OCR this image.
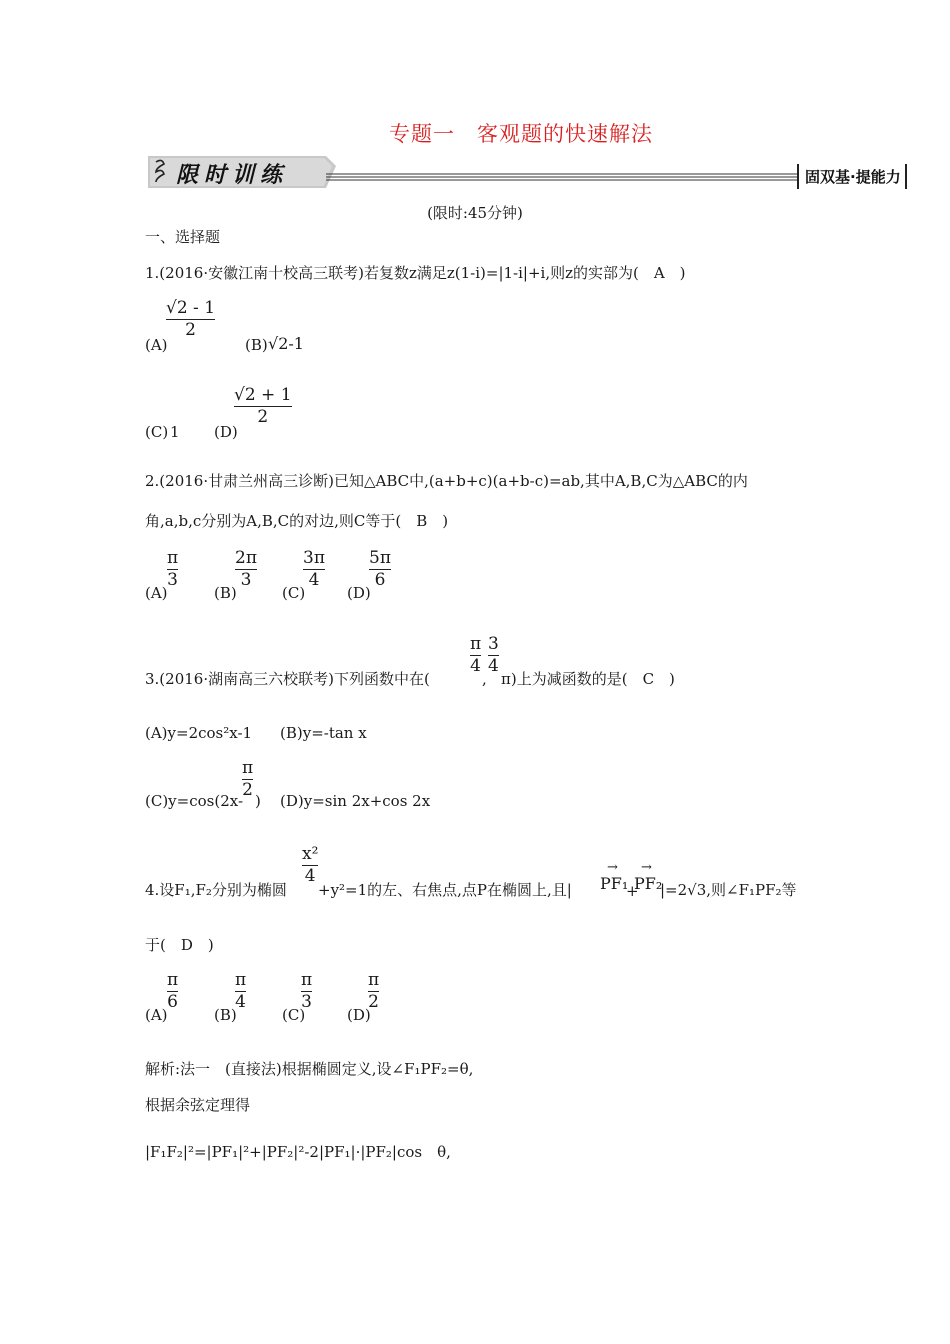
专题一　客观题的快速解法
限时训练	固双基·提能力
(限时:45分钟)
一、选择题
1.(2016·安徽江南十校高三联考)若复数z满足z(1-i)=|1-i|+i,则z的实部为(　A　)
(A)
√2 - 1
2
(B) √2-1
(C) 1 (D)
√2 + 1
2
2.(2016·甘肃兰州高三诊断)已知△ABC中,(a+b+c)(a+b-c)=ab,其中A,B,C为△ABC的内
角,a,b,c分别为A,B,C的对边,则C等于(　B　)
(A)
π
3
(B)
2π
3
(C)
3π
4
(D)
5π
6
3.(2016·湖南高三六校联考)下列函数中在(
π
4
,
3
4
π)上为减函数的是(　C　)
(A)y=2cos²x-1 (B)y=-tan x
(C)y=cos(2x-
π
2
) (D)y=sin 2x+cos 2x
4.设F₁,F₂分别为椭圆
x²
4
+y²=1的左、右焦点,点P在椭圆上,且|
→
PF₁
+
→
PF₂
|=2√3,则∠F₁PF₂等
于(　D　)
(A)
π
6
(B)
π
4
(C)
π
3
(D)
π
2
解析:法一　(直接法)根据椭圆定义,设∠F₁PF₂=θ,
根据余弦定理得
|F₁F₂|²=|PF₁|²+|PF₂|²-2|PF₁|·|PF₂|cos　θ,
